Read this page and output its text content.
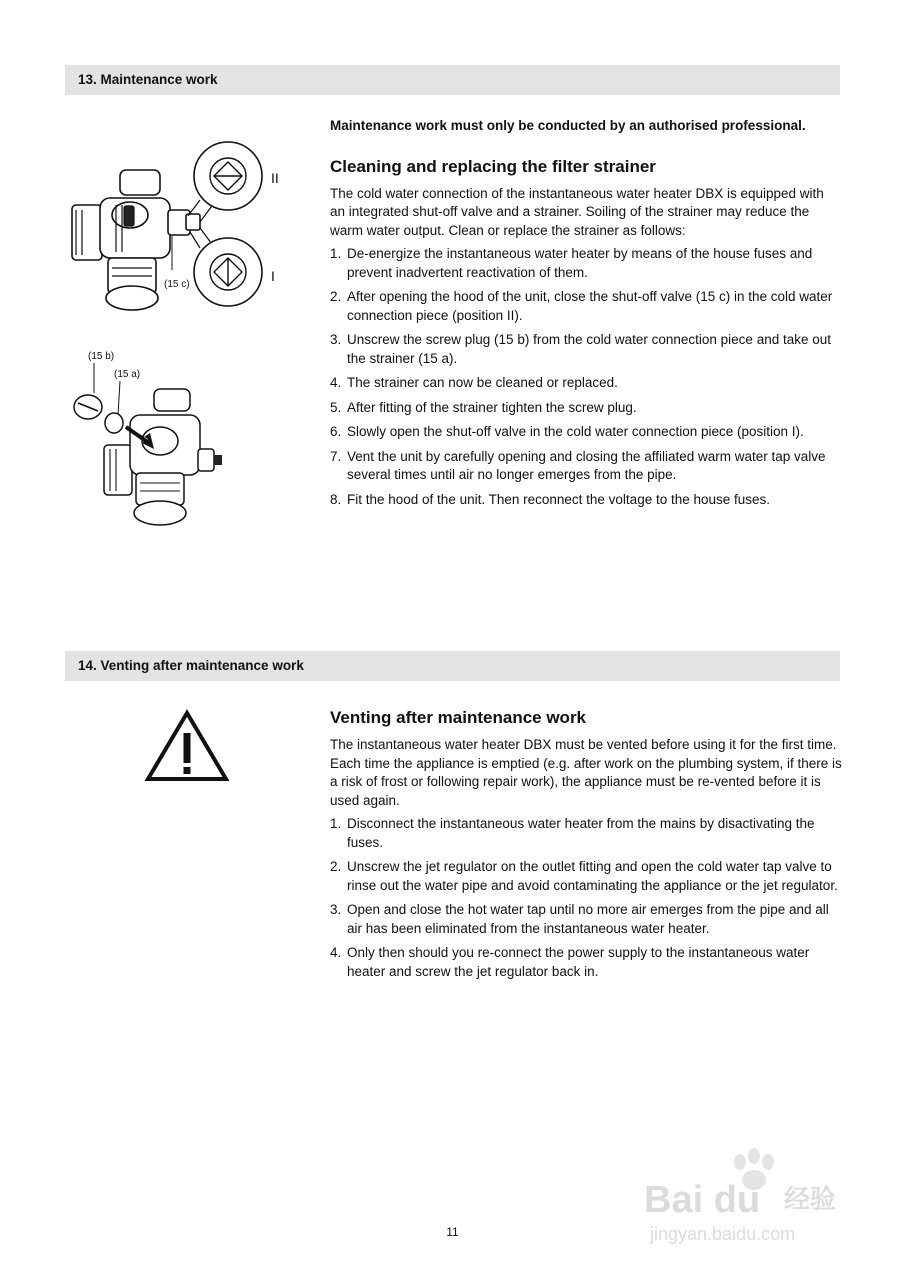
13. Maintenance work
(15 c)
II
I
(15 b)
(15 a)

Maintenance work must only be conducted by an authorised professional.

Cleaning and replacing the filter strainer

The cold water connection of the instantaneous water heater DBX is equipped with an integrated shut-off valve and a strainer. Soiling of the strainer may reduce the warm water output. Clean or replace the strainer as follows:

1. De-energize the instantaneous water heater by means of the house fuses and prevent inadvertent reactivation of them.
2. After opening the hood of the unit, close the shut-off valve (15 c) in the cold water connection piece (position II).
3. Unscrew the screw plug (15 b) from the cold water connection piece and take out the strainer (15 a).
4. The strainer can now be cleaned or replaced.
5. After fitting of the strainer tighten the screw plug.
6. Slowly open the shut-off valve in the cold water connection piece (position I).
7. Vent the unit by carefully opening and closing the affiliated warm water tap valve several times until air no longer emerges from the pipe.
8. Fit the hood of the unit. Then reconnect the voltage to the house fuses.
14. Venting after maintenance work
Venting after maintenance work

The instantaneous water heater DBX must be vented before using it for the first time. Each time the appliance is emptied (e.g. after work on the plumbing system, if there is a risk of frost or following repair work), the appliance must be re-vented before it is used again.

1. Disconnect the instantaneous water heater from the mains by disactivating the fuses.
2. Unscrew the jet regulator on the outlet fitting and open the cold water tap valve to rinse out the water pipe and avoid contaminating the appliance or the jet regulator.
3. Open and close the hot water tap until no more air emerges from the pipe and all air has been eliminated from the instantaneous water heater.
4. Only then should you re-connect the power supply to the instantaneous water heater and screw the jet regulator back in.
Bai du 经验
jingyan.baidu.com
11
